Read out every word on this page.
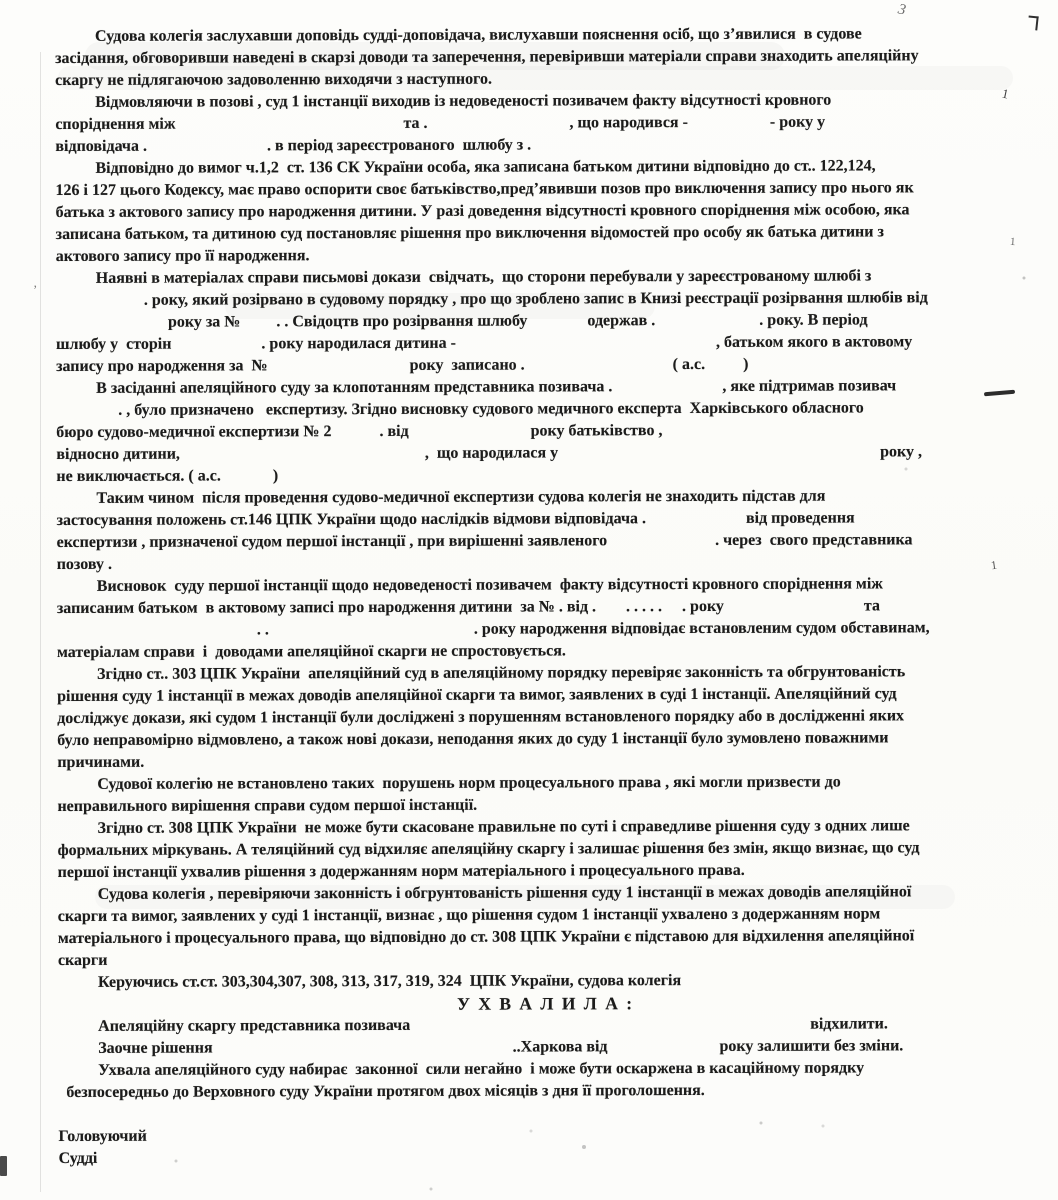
Судова колегія заслухавши доповідь судді-доповідача, вислухавши пояснення осіб, що з’явилися  в судове
засідання, обговоривши наведені в скарзі доводи та заперечення, перевіривши матеріали справи знаходить апеляційну
скаргу не підлягаючою задоволенню виходячи з наступного.
Відмовляючи в позові , суд 1 інстанції виходив із недоведеності позивачем факту відсутності кровного
споріднення між	та .	, що народився -	- року у
відповідача .	. в період зареєстрованого  шлюбу з .
Відповідно до вимог ч.1,2  ст. 136 СК України особа, яка записана батьком дитини відповідно до ст.. 122,124,
126 і 127 цього Кодексу, має право оспорити своє батьківство,пред’явивши позов про виключення запису про нього як
батька з актового запису про народження дитини. У разі доведення відсутності кровного споріднення між особою, яка
записана батьком, та дитиною суд постановляє рішення про виключення відомостей про особу як батька дитини з
актового запису про її народження.
Наявні в матеріалах справи письмові докази  свідчать,  що сторони перебували у зареєстрованому шлюбі з
. року, який розірвано в судовому порядку , про що зроблено запис в Книзі реєстрації розірвання шлюбів від
року за № . . Свідоцтв про розірвання шлюбу	одержав .	. року. В період
шлюбу у  сторін	. року народилася дитина -	, батьком якого в актовому
запису про народження за  №	року  записано .	( а.с. )
В засіданні апеляційного суду за клопотанням представника позивача .	, яке підтримав позивач
. , було призначено   експертизу. Згідно висновку судового медичного експерта  Харківського обласного
бюро судово-медичної експертизи № 2	. від	року батьківство ,
відносно дитини,	,  що народилася у	року ,
не виключається. ( а.с.	)
Таким чином  після проведення судово-медичної експертизи судова колегія не знаходить підстав для
застосування положень ст.146 ЦПК України щодо наслідків відмови відповідача .	від проведення
експертизи , призначеної судом першої інстанції , при вирішенні заявленого	. через  свого представника
позову .
Висновок  суду першої інстанції щодо недоведеності позивачем  факту відсутності кровного споріднення між
записаним батьком  в актовому записі про народження дитини  за № . від . . . . . . . року	та
. .	. року народження відповідає встановленим судом обставинам,
матеріалам справи  і  доводами апеляційної скарги не спростовується.
Згідно ст.. 303 ЦПК України  апеляційний суд в апеляційному порядку перевіряє законність та обгрунтованість
рішення суду 1 інстанції в межах доводів апеляційної скарги та вимог, заявлених в суді 1 інстанції. Апеляційний суд
досліджує докази, які судом 1 інстанції були досліджені з порушенням встановленого порядку або в дослідженні яких
було неправомірно відмовлено, а також нові докази, неподання яких до суду 1 інстанції було зумовлено поважними
причинами.
Судової колегію не встановлено таких  порушень норм процесуального права , які могли призвести до
неправильного вирішення справи судом першої інстанції.
Згідно ст. 308 ЦПК України  не може бути скасоване правильне по суті і справедливе рішення суду з одних лише
формальних міркувань. А теляційний суд відхиляє апеляційну скаргу і залишає рішення без змін, якщо визнає, що суд
першої інстанції ухвалив рішення з додержанням норм матеріального і процесуального права.
Судова колегія , перевіряючи законність і обгрунтованість рішення суду 1 інстанції в межах доводів апеляційної
скарги та вимог, заявлених у суді 1 інстанції, визнає , що рішення судом 1 інстанції ухвалено з додержанням норм
матеріального і процесуального права, що відповідно до ст. 308 ЦПК України є підставою для відхилення апеляційної
скарги
Керуючись ст.ст. 303,304,307, 308, 313, 317, 319, 324  ЦПК України, судова колегія
У Х В А Л И Л А :
Апеляційну скаргу представника позивача	відхилити.
Заочне рішення	..Харкова від	року залишити без зміни.
Ухвала апеляційного суду набирає  законної  сили негайно  і може бути оскаржена в касаційному порядку
безпосередньо до Верховного суду України протягом двох місяців з дня її проголошення.
Головуючий
Судді
3
1
1
1
’
